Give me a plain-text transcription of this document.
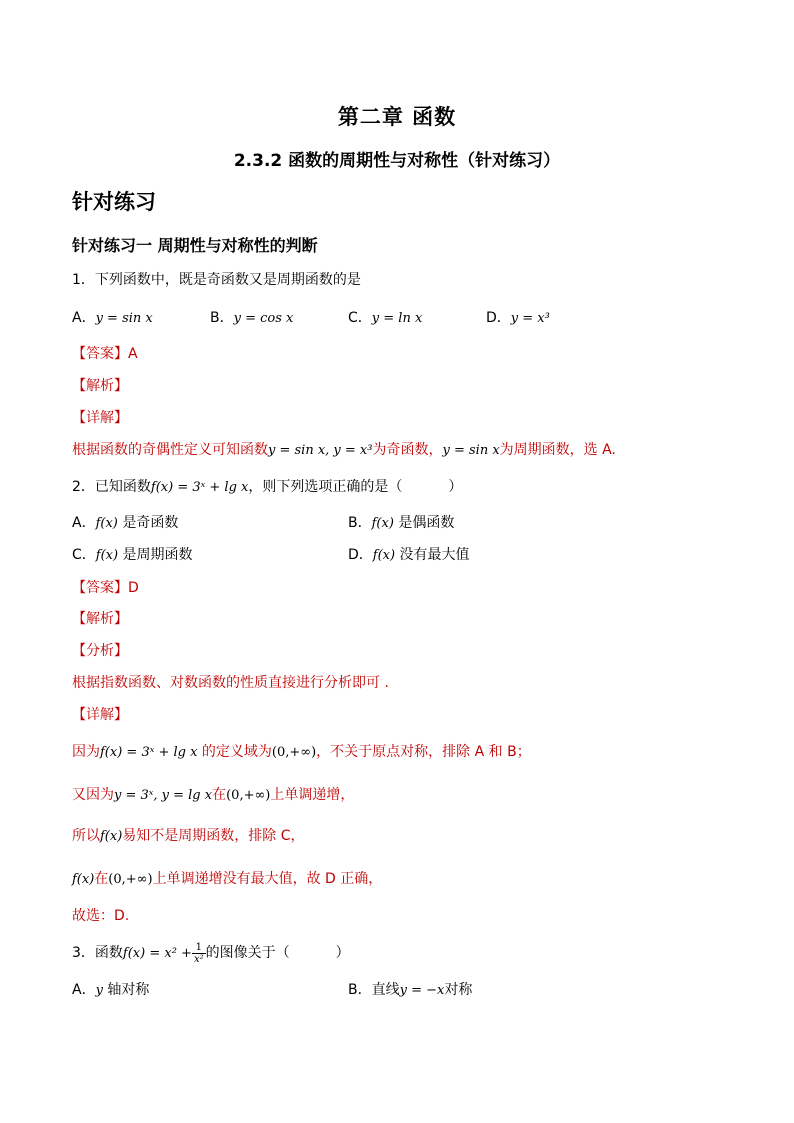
第二章 函数
2.3.2 函数的周期性与对称性（针对练习）
针对练习
针对练习一 周期性与对称性的判断
1．下列函数中，既是奇函数又是周期函数的是
A．y = sin x	B．y = cos x	C．y = ln x	D．y = x³
【答案】A
【解析】
【详解】
根据函数的奇偶性定义可知函数y = sin x, y = x³为奇函数，y = sin x为周期函数，选 A.
2．已知函数f(x) = 3ˣ + lg x，则下列选项正确的是（	）
A．f(x) 是奇函数	B．f(x) 是偶函数
C．f(x) 是周期函数	D．f(x) 没有最大值
【答案】D
【解析】
【分析】
根据指数函数、对数函数的性质直接进行分析即可 .
【详解】
因为f(x) = 3ˣ + lg x 的定义域为(0,+∞)，不关于原点对称，排除 A 和 B；
又因为y = 3ˣ, y = lg x在(0,+∞)上单调递增，
所以f(x)易知不是周期函数，排除 C，
f(x)在(0,+∞)上单调递增没有最大值，故 D 正确，
故选：D.
3．函数$f(x) = x^2 + \frac{1}{\text{x²}}$ 的图像关于（	）
A．y 轴对称	B．直线y = −x对称
